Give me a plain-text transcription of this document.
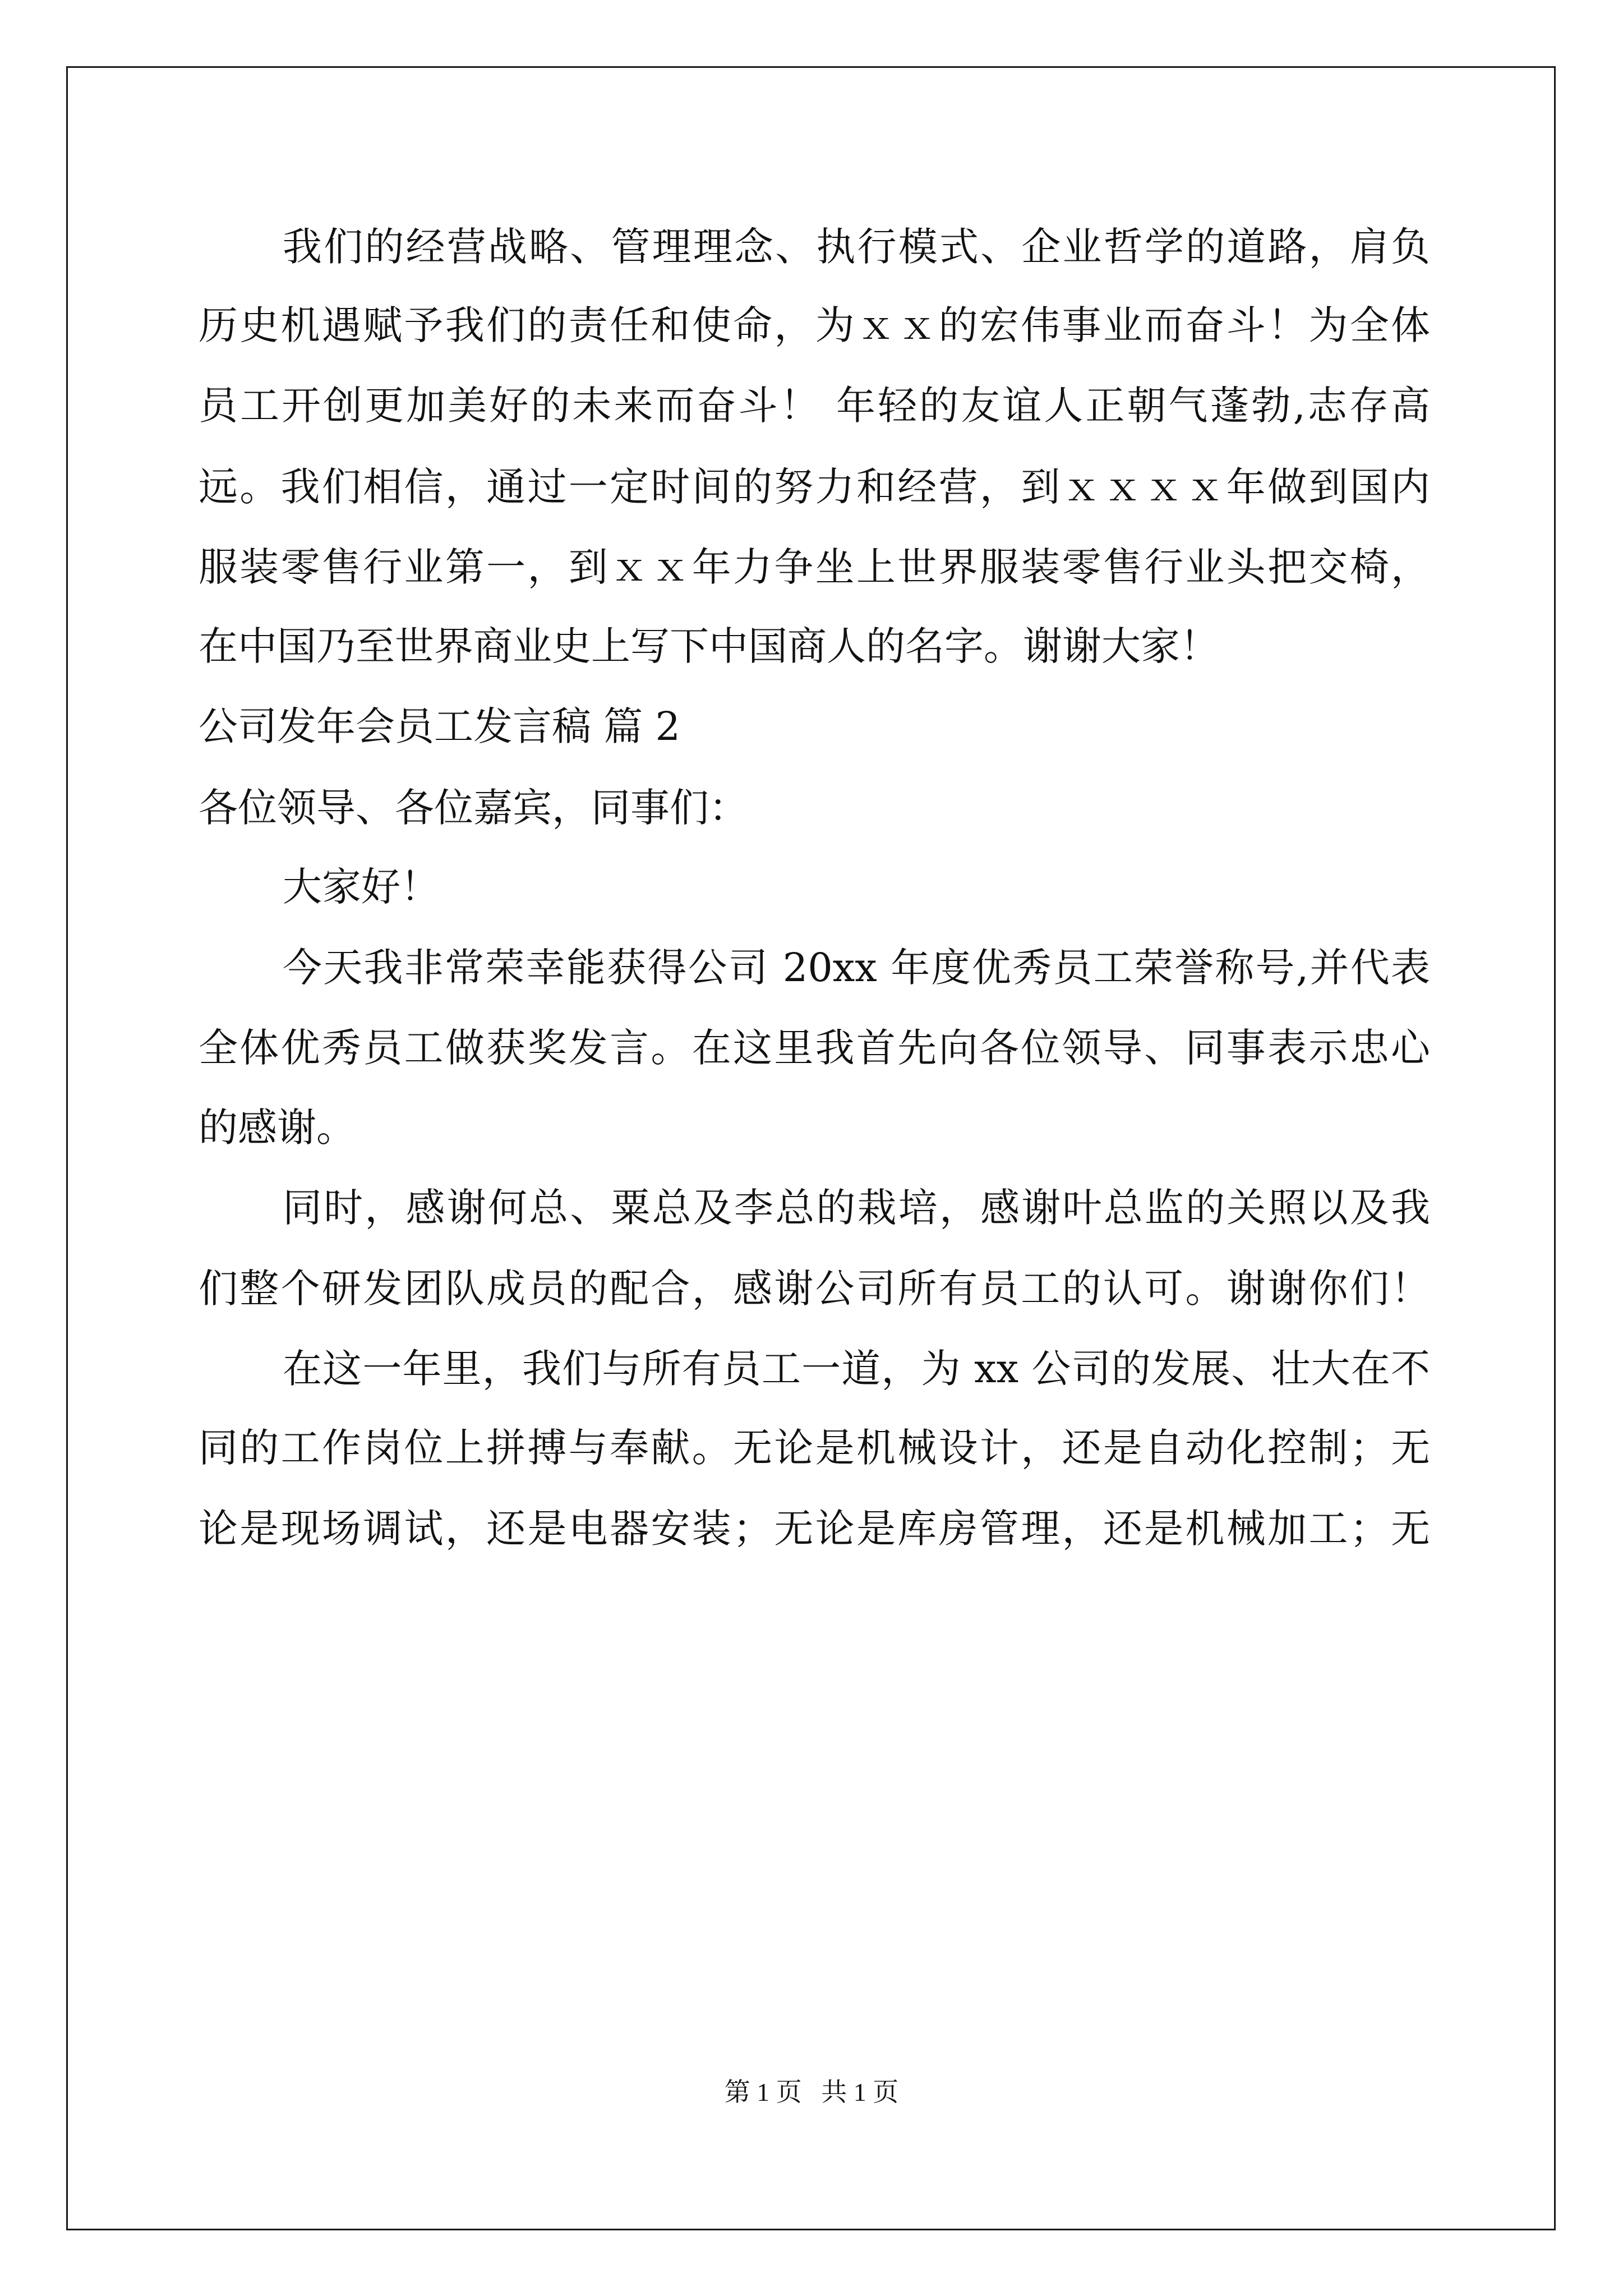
我们的经营战略、管理理念、执行模式、企业哲学的道路，肩负
历史机遇赋予我们的责任和使命，为ｘｘ的宏伟事业而奋斗！为全体
员工开创更加美好的未来而奋斗！ 年轻的友谊人正朝气蓬勃,志存高
远。我们相信，通过一定时间的努力和经营，到ｘｘｘｘ年做到国内
服装零售行业第一，到ｘｘ年力争坐上世界服装零售行业头把交椅，
在中国乃至世界商业史上写下中国商人的名字。谢谢大家！
公司发年会员工发言稿 篇 2
各位领导、各位嘉宾，同事们：
大家好！
今天我非常荣幸能获得公司 20xx 年度优秀员工荣誉称号,并代表
全体优秀员工做获奖发言。在这里我首先向各位领导、同事表示忠心
的感谢。
同时，感谢何总、粟总及李总的栽培，感谢叶总监的关照以及我
们整个研发团队成员的配合，感谢公司所有员工的认可。谢谢你们！
在这一年里，我们与所有员工一道，为 xx 公司的发展、壮大在不
同的工作岗位上拼搏与奉献。无论是机械设计，还是自动化控制；无
论是现场调试，还是电器安装；无论是库房管理，还是机械加工；无
第 1 页 共 1 页
